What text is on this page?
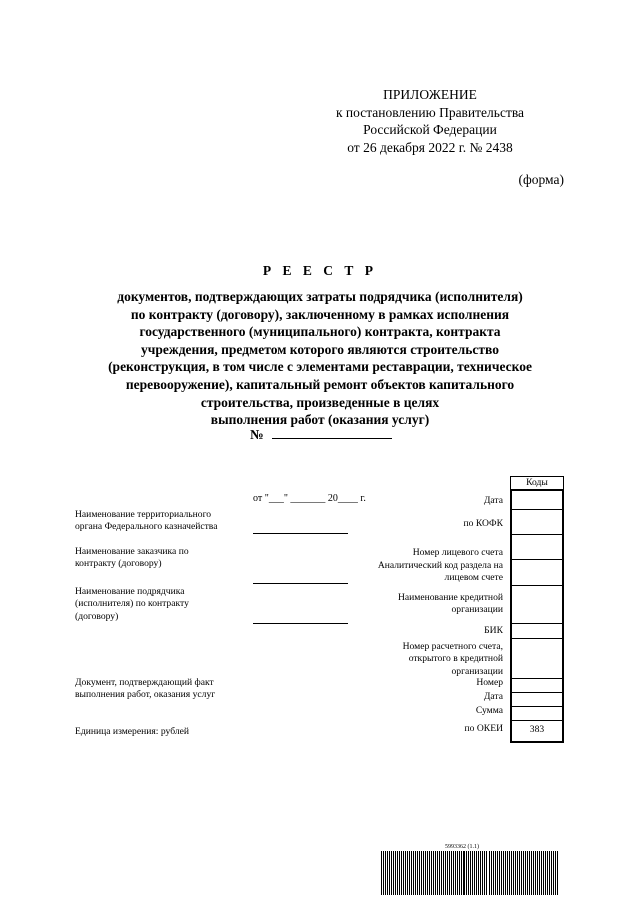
ПРИЛОЖЕНИЕ
к постановлению Правительства
Российской Федерации
от 26 декабря 2022 г. № 2438
(форма)
Р Е Е С Т Р
документов, подтверждающих затраты подрядчика (исполнителя)
по контракту (договору), заключенному в рамках исполнения
государственного (муниципального) контракта, контракта
учреждения, предметом которого являются строительство
(реконструкция, в том числе с элементами реставрации, техническое
перевооружение), капитальный ремонт объектов капитального
строительства, произведенные в целях
выполнения работ (оказания услуг)
№
от "___" _______ 20____ г.
Наименование территориального
органа Федерального казначейства
Наименование заказчика по
контракту (договору)
Наименование подрядчика
(исполнителя) по контракту
(договору)
Документ, подтверждающий факт
выполнения работ, оказания услуг
Единица измерения: рублей
Дата
по КОФК
Номер лицевого счета
Аналитический код раздела на
лицевом счете
Наименование кредитной
организации
БИК
Номер расчетного счета,
открытого в кредитной
организации
Номер
Дата
Сумма
по ОКЕИ
Коды
383
5993362 (1.1)
